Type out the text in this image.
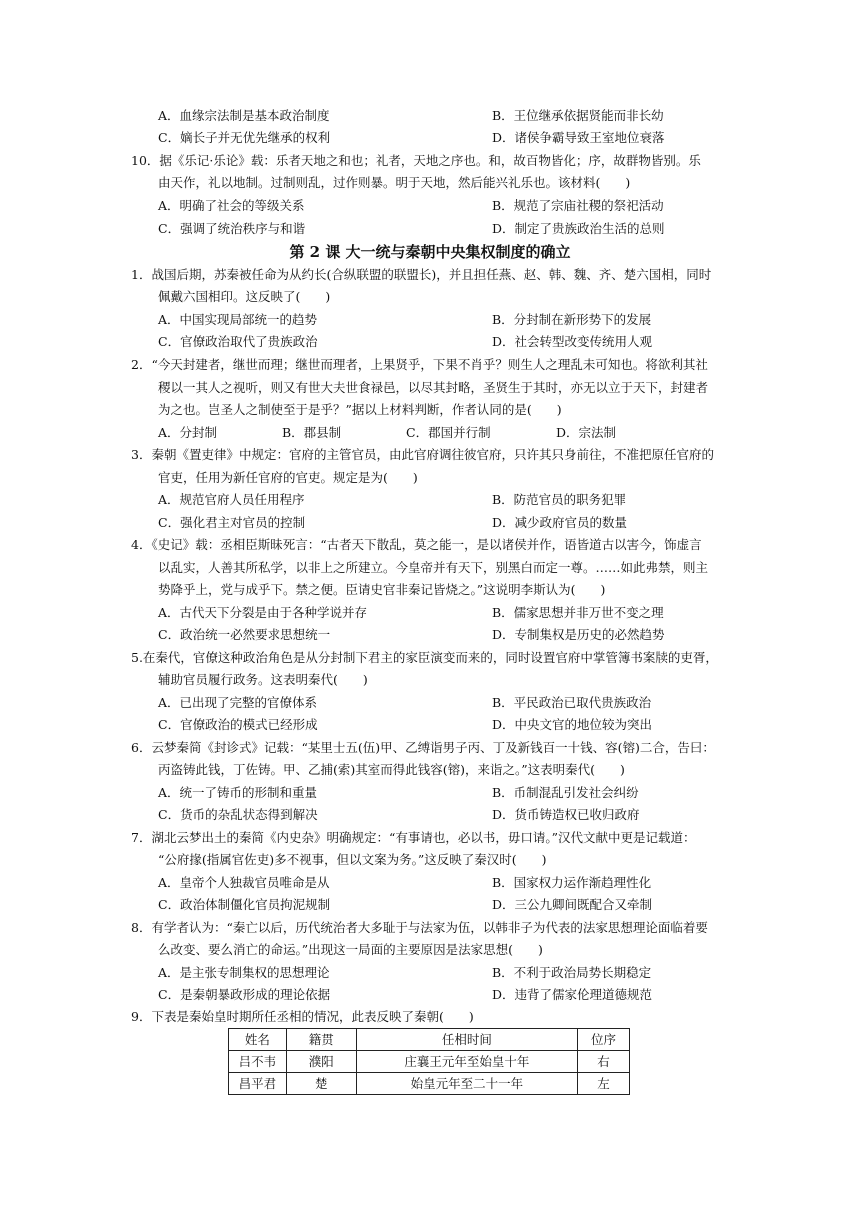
A．血缘宗法制是基本政治制度	B．王位继承依据贤能而非长幼
C．嫡长子并无优先继承的权利	D．诸侯争霸导致王室地位衰落
10．据《乐记·乐论》载：乐者天地之和也；礼者，天地之序也。和，故百物皆化；序，故群物皆别。乐
由天作，礼以地制。过制则乱，过作则暴。明于天地，然后能兴礼乐也。该材料(　　)
A．明确了社会的等级关系	B．规范了宗庙社稷的祭祀活动
C．强调了统治秩序与和谐	D．制定了贵族政治生活的总则
第 2 课 大一统与秦朝中央集权制度的确立
1．战国后期，苏秦被任命为从约长(合纵联盟的联盟长)，并且担任燕、赵、韩、魏、齐、楚六国相，同时
佩戴六国相印。这反映了(　　)
A．中国实现局部统一的趋势	B．分封制在新形势下的发展
C．官僚政治取代了贵族政治	D．社会转型改变传统用人观
2．“今天封建者，继世而理；继世而理者，上果贤乎，下果不肖乎？则生人之理乱未可知也。将欲利其社
稷以一其人之视听，则又有世大夫世食禄邑，以尽其封略，圣贤生于其时，亦无以立于天下，封建者
为之也。岂圣人之制使至于是乎？”据以上材料判断，作者认同的是(　　)
A．分封制	B．郡县制	C．郡国并行制	D．宗法制
3．秦朝《置吏律》中规定：官府的主管官员，由此官府调往彼官府，只许其只身前往，不准把原任官府的
官吏，任用为新任官府的官吏。规定是为(　　)
A．规范官府人员任用程序	B．防范官员的职务犯罪
C．强化君主对官员的控制	D．减少政府官员的数量
4．《史记》载：丞相臣斯昧死言：“古者天下散乱，莫之能一，是以诸侯并作，语皆道古以害今，饰虚言
以乱实，人善其所私学，以非上之所建立。今皇帝并有天下，别黑白而定一尊。……如此弗禁，则主
势降乎上，党与成乎下。禁之便。臣请史官非秦记皆烧之。”这说明李斯认为(　　)
A．古代天下分裂是由于各种学说并存	B．儒家思想并非万世不变之理
C．政治统一必然要求思想统一	D．专制集权是历史的必然趋势
5.在秦代，官僚这种政治角色是从分封制下君主的家臣演变而来的，同时设置官府中掌管簿书案牍的吏胥，
辅助官员履行政务。这表明秦代(　　)
A．已出现了完整的官僚体系	B．平民政治已取代贵族政治
C．官僚政治的模式已经形成	D．中央文官的地位较为突出
6．云梦秦简《封诊式》记载：“某里士五(伍)甲、乙缚诣男子丙、丁及新钱百一十钱、容(镕)二合，告曰：
丙盗铸此钱，丁佐铸。甲、乙捕(索)其室而得此钱容(镕)，来诣之。”这表明秦代(　　)
A．统一了铸币的形制和重量	B．币制混乱引发社会纠纷
C．货币的杂乱状态得到解决	D．货币铸造权已收归政府
7．湖北云梦出土的秦简《内史杂》明确规定：“有事请也，必以书，毋口请。”汉代文献中更是记载道：
“公府掾(指属官佐吏)多不视事，但以文案为务。”这反映了秦汉时(　　)
A．皇帝个人独裁官员唯命是从	B．国家权力运作渐趋理性化
C．政治体制僵化官员拘泥规制	D．三公九卿间既配合又牵制
8．有学者认为：“秦亡以后，历代统治者大多耻于与法家为伍，以韩非子为代表的法家思想理论面临着要
么改变、要么消亡的命运。”出现这一局面的主要原因是法家思想(　　)
A．是主张专制集权的思想理论	B．不利于政治局势长期稳定
C．是秦朝暴政形成的理论依据	D．违背了儒家伦理道德规范
9．下表是秦始皇时期所任丞相的情况，此表反映了秦朝(　　)
姓名	籍贯	任相时间	位序
吕不韦	濮阳	庄襄王元年至始皇十年	右
昌平君	楚	始皇元年至二十一年	左
